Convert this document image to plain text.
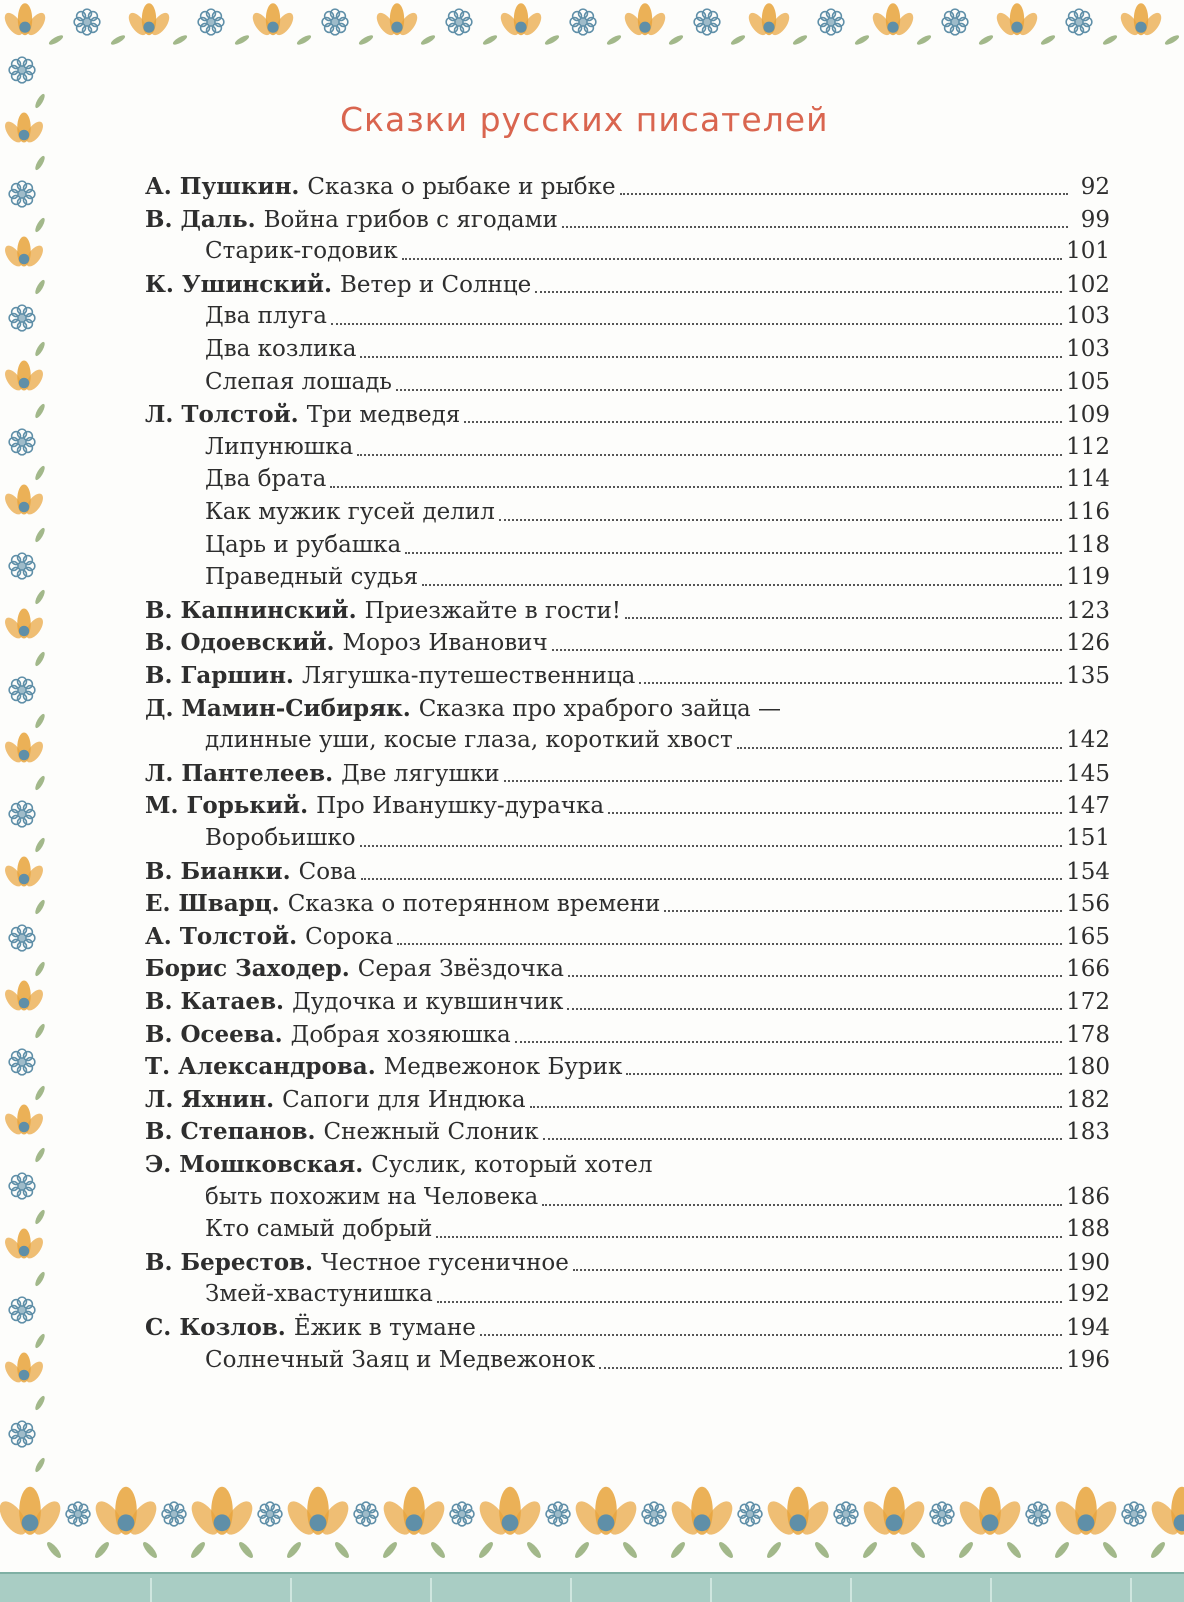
Сказки русских писателей
А. Пушкин. Сказка о рыбаке и рыбке	92
В. Даль. Война грибов с ягодами	99
Старик-годовик	101
К. Ушинский. Ветер и Солнце	102
Два плуга	103
Два козлика	103
Слепая лошадь	105
Л. Толстой. Три медведя	109
Липунюшка	112
Два брата	114
Как мужик гусей делил	116
Царь и рубашка	118
Праведный судья	119
В. Капнинский. Приезжайте в гости!	123
В. Одоевский. Мороз Иванович	126
В. Гаршин. Лягушка-путешественница	135
Д. Мамин-Сибиряк. Сказка про храброго зайца —
длинные уши, косые глаза, короткий хвост	142
Л. Пантелеев. Две лягушки	145
М. Горький. Про Иванушку-дурачка	147
Воробьишко	151
В. Бианки. Сова	154
Е. Шварц. Сказка о потерянном времени	156
А. Толстой. Сорока	165
Борис Заходер. Серая Звёздочка	166
В. Катаев. Дудочка и кувшинчик	172
В. Осеева. Добрая хозяюшка	178
Т. Александрова. Медвежонок Бурик	180
Л. Яхнин. Сапоги для Индюка	182
В. Степанов. Снежный Слоник	183
Э. Мошковская. Суслик, который хотел
быть похожим на Человека	186
Кто самый добрый	188
В. Берестов. Честное гусеничное	190
Змей-хвастунишка	192
С. Козлов. Ёжик в тумане	194
Солнечный Заяц и Медвежонок	196
